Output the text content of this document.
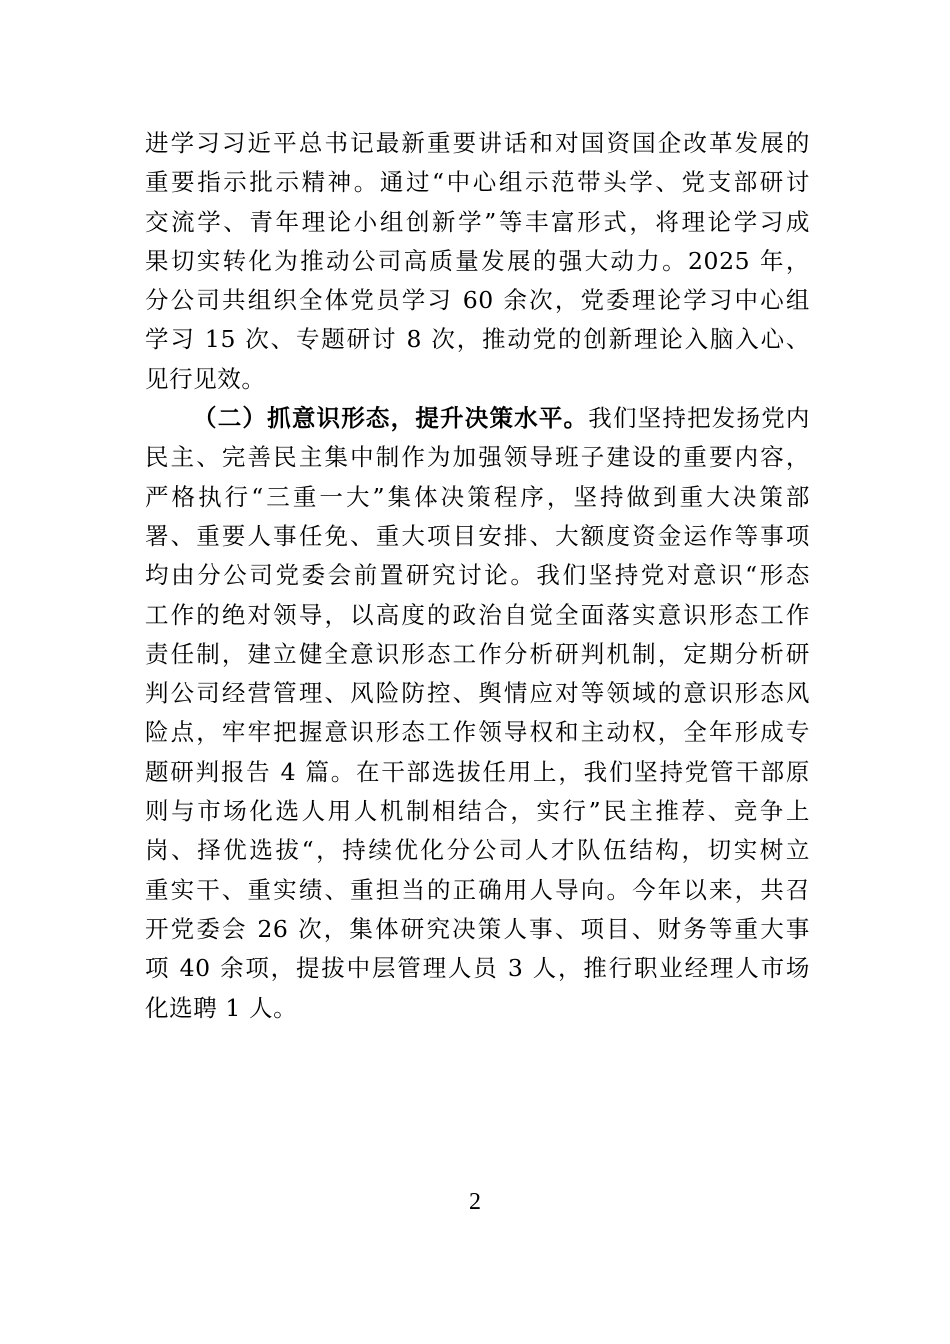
进学习习近平总书记最新重要讲话和对国资国企改革发展的
重要指示批示精神。通过“中心组示范带头学、党支部研讨
交流学、青年理论小组创新学”等丰富形式，将理论学习成
果切实转化为推动公司高质量发展的强大动力。2025 年，
分公司共组织全体党员学习 60 余次，党委理论学习中心组
学习 15 次、专题研讨 8 次，推动党的创新理论入脑入心、
见行见效。
（二）抓意识形态，提升决策水平。我们坚持把发扬党内
民主、完善民主集中制作为加强领导班子建设的重要内容，
严格执行“三重一大”集体决策程序，坚持做到重大决策部
署、重要人事任免、重大项目安排、大额度资金运作等事项
均由分公司党委会前置研究讨论。我们坚持党对意识“形态
工作的绝对领导，以高度的政治自觉全面落实意识形态工作
责任制，建立健全意识形态工作分析研判机制，定期分析研
判公司经营管理、风险防控、舆情应对等领域的意识形态风
险点，牢牢把握意识形态工作领导权和主动权，全年形成专
题研判报告 4 篇。在干部选拔任用上，我们坚持党管干部原
则与市场化选人用人机制相结合，实行”民主推荐、竞争上
岗、择优选拔“，持续优化分公司人才队伍结构，切实树立
重实干、重实绩、重担当的正确用人导向。今年以来，共召
开党委会 26 次，集体研究决策人事、项目、财务等重大事
项 40 余项，提拔中层管理人员 3 人，推行职业经理人市场
化选聘 1 人。
2
